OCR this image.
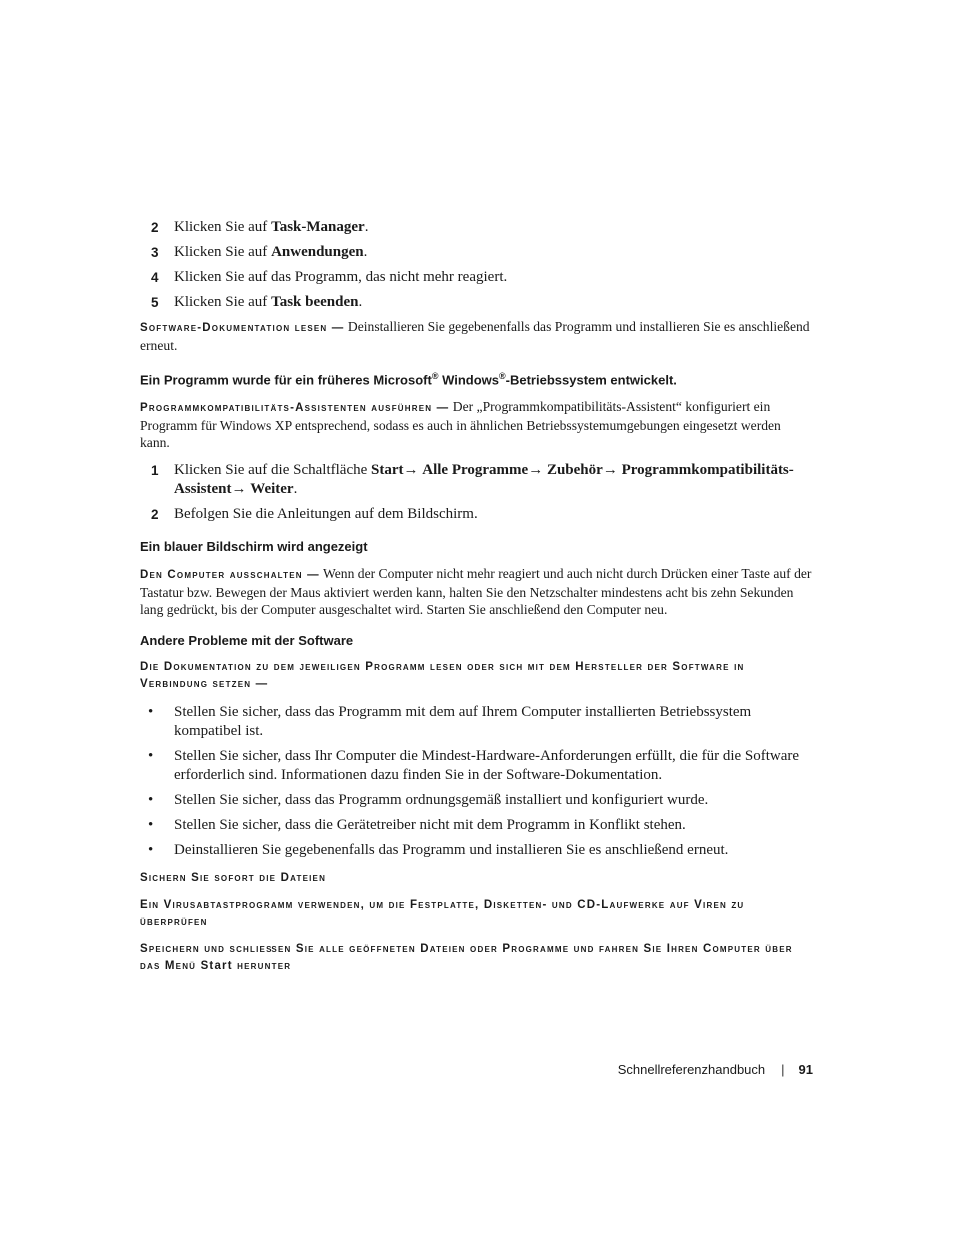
2 Klicken Sie auf Task-Manager.
3 Klicken Sie auf Anwendungen.
4 Klicken Sie auf das Programm, das nicht mehr reagiert.
5 Klicken Sie auf Task beenden.

Software-Dokumentation lesen — Deinstallieren Sie gegebenenfalls das Programm und installieren Sie es anschließend erneut.

Ein Programm wurde für ein früheres Microsoft® Windows®-Betriebssystem entwickelt.

Programmkompatibilitäts-Assistenten ausführen — Der „Programmkompatibilitäts-Assistent“ konfiguriert ein Programm für Windows XP entsprechend, sodass es auch in ähnlichen Betriebssystemumgebungen eingesetzt werden kann.

1 Klicken Sie auf die Schaltfläche Start→ Alle Programme→ Zubehör→ Programmkompatibilitäts-Assistent→ Weiter.
2 Befolgen Sie die Anleitungen auf dem Bildschirm.
Ein blauer Bildschirm wird angezeigt

Den Computer ausschalten — Wenn der Computer nicht mehr reagiert und auch nicht durch Drücken einer Taste auf der Tastatur bzw. Bewegen der Maus aktiviert werden kann, halten Sie den Netzschalter mindestens acht bis zehn Sekunden lang gedrückt, bis der Computer ausgeschaltet wird. Starten Sie anschließend den Computer neu.

Andere Probleme mit der Software
Die Dokumentation zu dem jeweiligen Programm lesen oder sich mit dem Hersteller der Software in Verbindung setzen —
• Stellen Sie sicher, dass das Programm mit dem auf Ihrem Computer installierten Betriebssystem kompatibel ist.
• Stellen Sie sicher, dass Ihr Computer die Mindest-Hardware-Anforderungen erfüllt, die für die Software erforderlich sind. Informationen dazu finden Sie in der Software-Dokumentation.
• Stellen Sie sicher, dass das Programm ordnungsgemäß installiert und konfiguriert wurde.
• Stellen Sie sicher, dass die Gerätetreiber nicht mit dem Programm in Konflikt stehen.
• Deinstallieren Sie gegebenenfalls das Programm und installieren Sie es anschließend erneut.
Sichern Sie sofort die Dateien
Ein Virusabtastprogramm verwenden, um die Festplatte, Disketten- und CD-Laufwerke auf Viren zu überprüfen
Speichern und schließen Sie alle geöffneten Dateien oder Programme und fahren Sie Ihren Computer über das Menü Start herunter
Schnellreferenzhandbuch | 91
